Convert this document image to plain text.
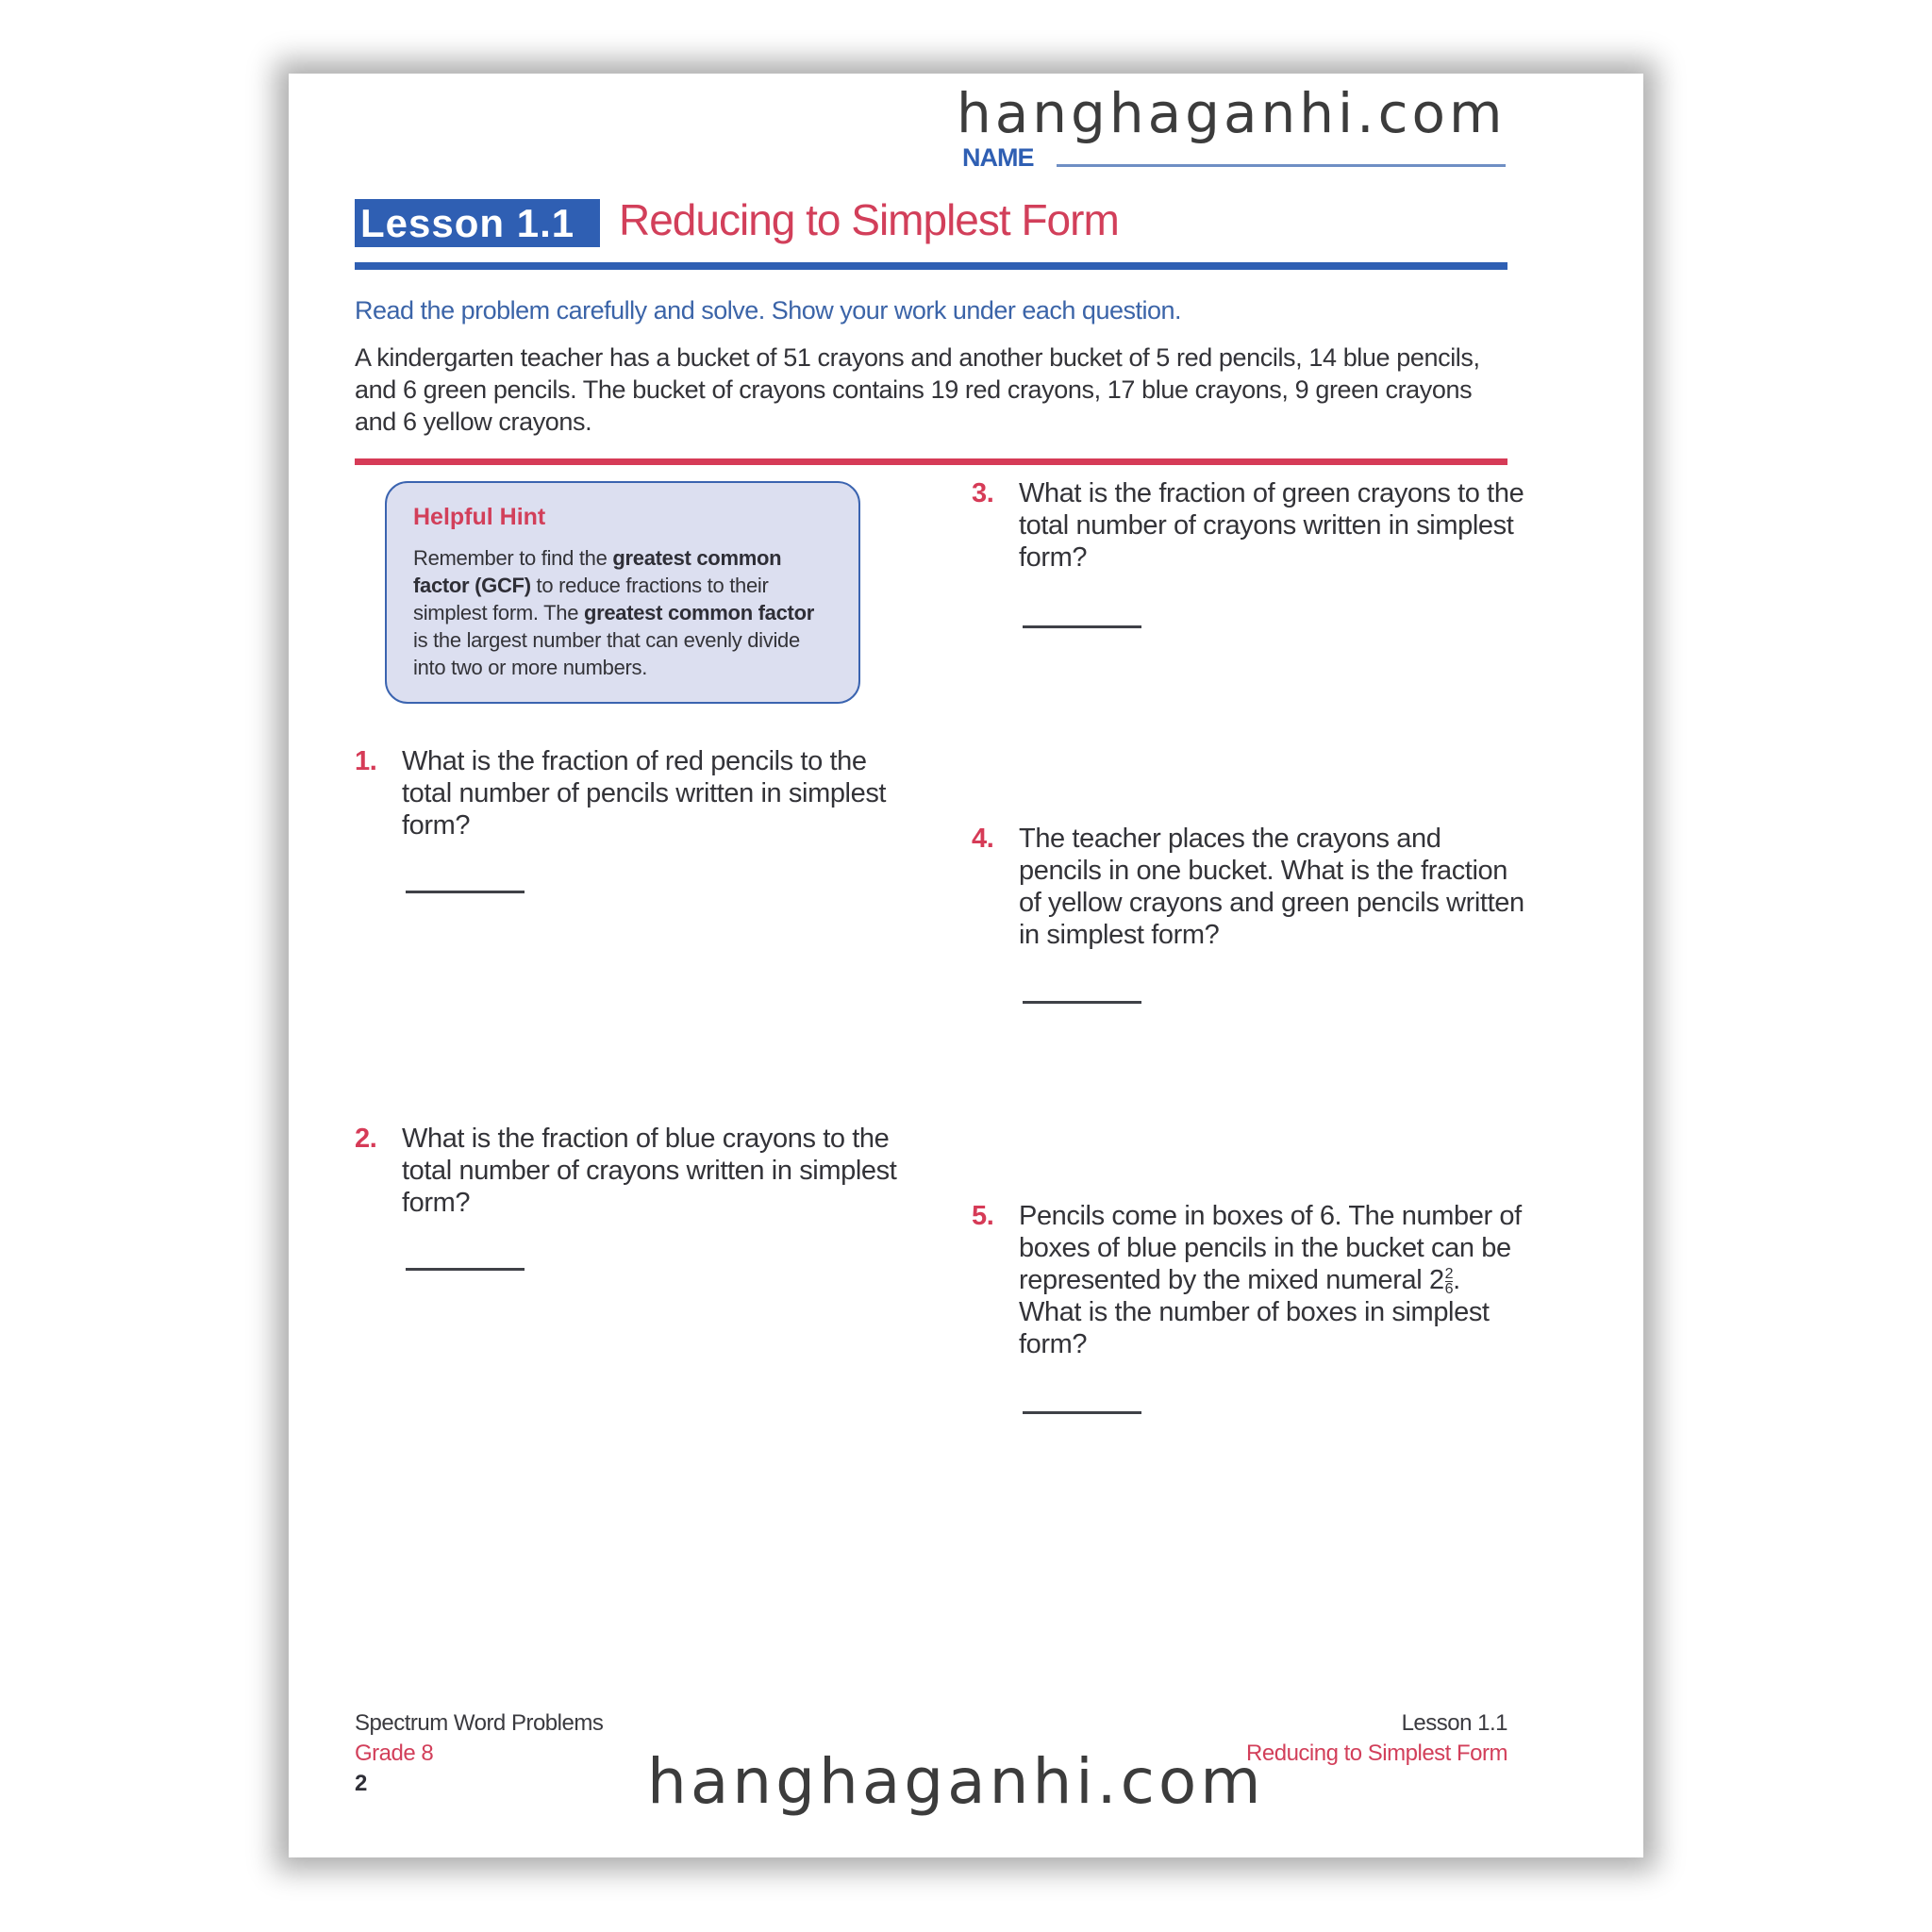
hanghaganhi.com
NAME
Lesson 1.1	Reducing to Simplest Form
Read the problem carefully and solve. Show your work under each question.
A kindergarten teacher has a bucket of 51 crayons and another bucket of 5 red pencils, 14 blue pencils, and 6 green pencils. The bucket of crayons contains 19 red crayons, 17 blue crayons, 9 green crayons and 6 yellow crayons.
Helpful Hint
Remember to find the greatest common factor (GCF) to reduce fractions to their simplest form. The greatest common factor is the largest number that can evenly divide into two or more numbers.
1. What is the fraction of red pencils to the total number of pencils written in simplest form?
2. What is the fraction of blue crayons to the total number of crayons written in simplest form?
3. What is the fraction of green crayons to the total number of crayons written in simplest form?
4. The teacher places the crayons and pencils in one bucket. What is the fraction of yellow crayons and green pencils written in simplest form?
5. Pencils come in boxes of 6. The number of boxes of blue pencils in the bucket can be represented by the mixed numeral $2 \frac{2}{6}$ . What is the number of boxes in simplest form?
Spectrum Word Problems
Grade 8
2
Lesson 1.1
Reducing to Simplest Form
hanghaganhi.com
